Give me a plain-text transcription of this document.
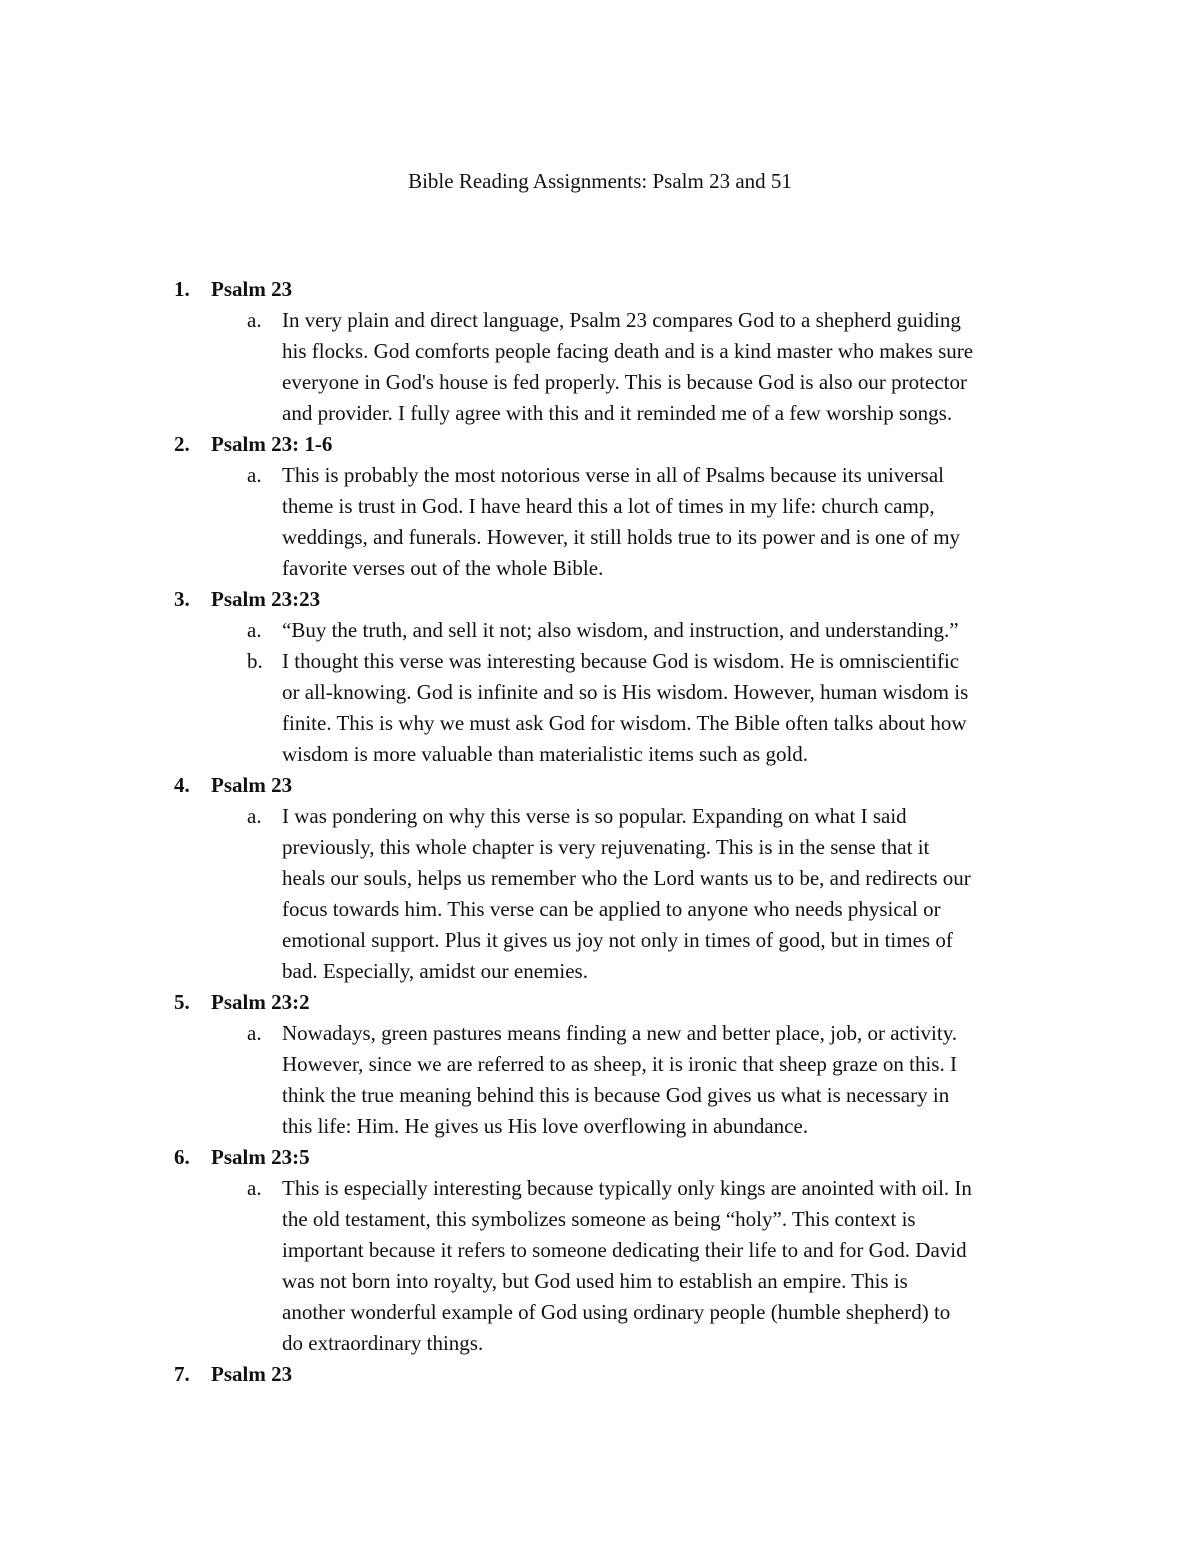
Bible Reading Assignments: Psalm 23 and 51
1. Psalm 23
a. In very plain and direct language, Psalm 23 compares God to a shepherd guiding
his flocks. God comforts people facing death and is a kind master who makes sure
everyone in God's house is fed properly. This is because God is also our protector
and provider. I fully agree with this and it reminded me of a few worship songs.
2. Psalm 23: 1-6
a. This is probably the most notorious verse in all of Psalms because its universal
theme is trust in God. I have heard this a lot of times in my life: church camp,
weddings, and funerals. However, it still holds true to its power and is one of my
favorite verses out of the whole Bible.
3. Psalm 23:23
a. “Buy the truth, and sell it not; also wisdom, and instruction, and understanding.”
b. I thought this verse was interesting because God is wisdom. He is omniscientific
or all-knowing. God is infinite and so is His wisdom. However, human wisdom is
finite. This is why we must ask God for wisdom. The Bible often talks about how
wisdom is more valuable than materialistic items such as gold.
4. Psalm 23
a. I was pondering on why this verse is so popular. Expanding on what I said
previously, this whole chapter is very rejuvenating. This is in the sense that it
heals our souls, helps us remember who the Lord wants us to be, and redirects our
focus towards him. This verse can be applied to anyone who needs physical or
emotional support. Plus it gives us joy not only in times of good, but in times of
bad. Especially, amidst our enemies.
5. Psalm 23:2
a. Nowadays, green pastures means finding a new and better place, job, or activity.
However, since we are referred to as sheep, it is ironic that sheep graze on this. I
think the true meaning behind this is because God gives us what is necessary in
this life: Him. He gives us His love overflowing in abundance.
6. Psalm 23:5
a. This is especially interesting because typically only kings are anointed with oil. In
the old testament, this symbolizes someone as being “holy”. This context is
important because it refers to someone dedicating their life to and for God. David
was not born into royalty, but God used him to establish an empire. This is
another wonderful example of God using ordinary people (humble shepherd) to
do extraordinary things.
7. Psalm 23
